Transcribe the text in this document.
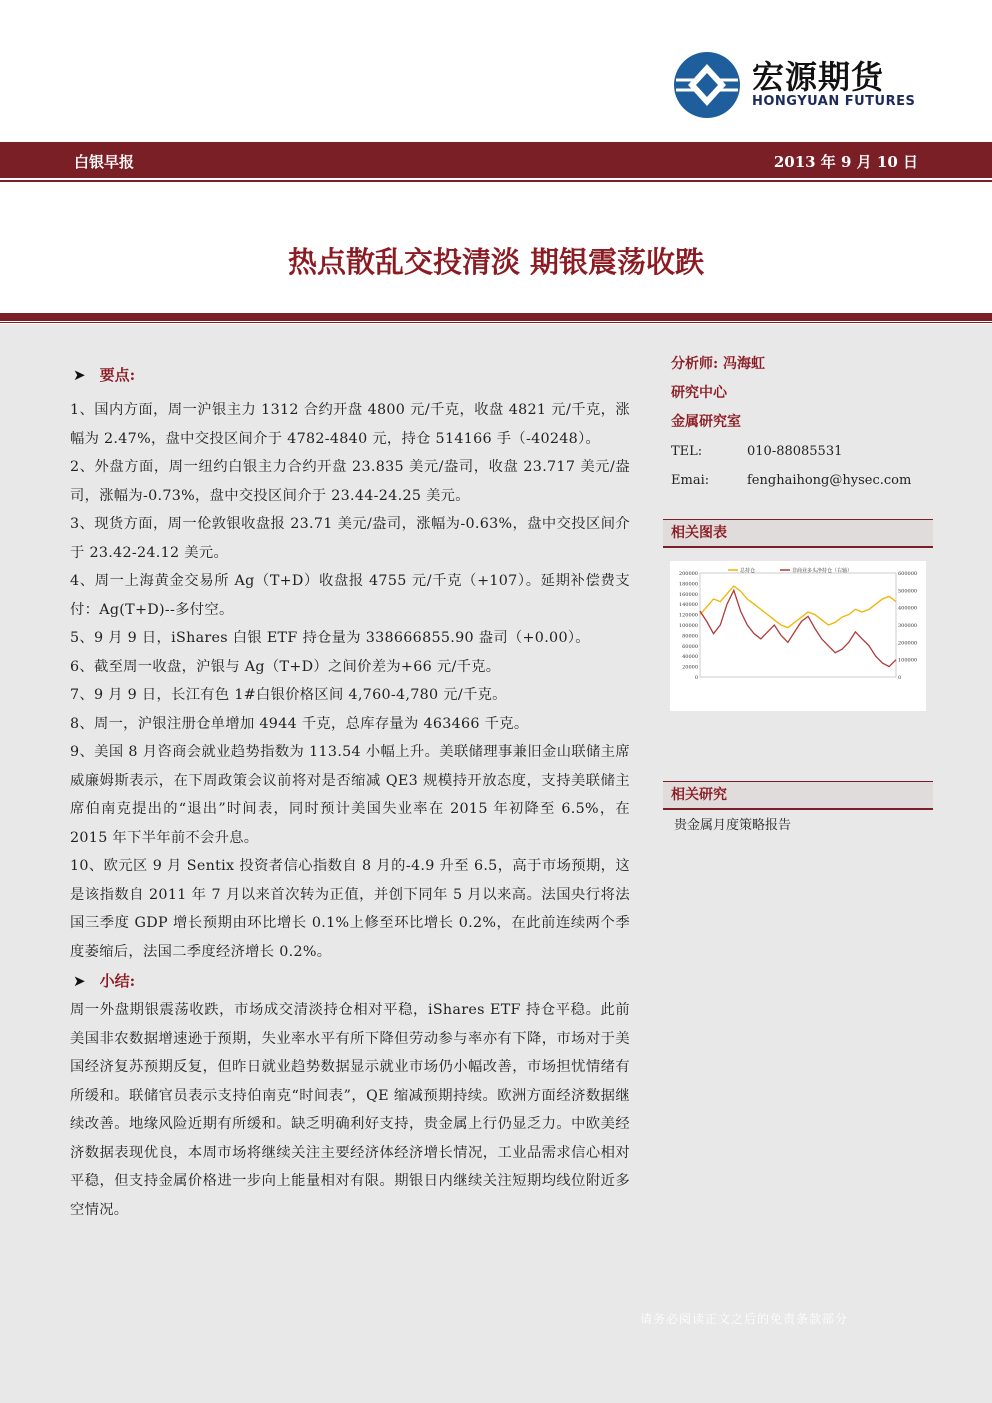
宏源期货
HONGYUAN FUTURES
白银早报	2013 年 9 月 10 日
热点散乱交投清淡 期银震荡收跌
➤ 要点:

1、国内方面，周一沪银主力 1312 合约开盘 4800 元/千克，收盘 4821 元/千克，涨幅为 2.47%，盘中交投区间介于 4782-4840 元，持仓 514166 手（-40248）。

2、外盘方面，周一纽约白银主力合约开盘 23.835 美元/盎司，收盘 23.717 美元/盎司，涨幅为-0.73%，盘中交投区间介于 23.44-24.25 美元。

3、现货方面，周一伦敦银收盘报 23.71 美元/盎司，涨幅为-0.63%，盘中交投区间介于 23.42-24.12 美元。

4、周一上海黄金交易所 Ag（T+D）收盘报 4755 元/千克（+107）。延期补偿费支付：Ag(T+D)--多付空。

5、9 月 9 日，iShares 白银 ETF 持仓量为 338666855.90 盎司（+0.00）。

6、截至周一收盘，沪银与 Ag（T+D）之间价差为+66 元/千克。

7、9 月 9 日，长江有色 1#白银价格区间 4,760-4,780 元/千克。

8、周一，沪银注册仓单增加 4944 千克，总库存量为 463466 千克。

9、美国 8 月咨商会就业趋势指数为 113.54 小幅上升。美联储理事兼旧金山联储主席威廉姆斯表示，在下周政策会议前将对是否缩减 QE3 规模持开放态度，支持美联储主席伯南克提出的“退出”时间表，同时预计美国失业率在 2015 年初降至 6.5%，在 2015 年下半年前不会升息。

10、欧元区 9 月 Sentix 投资者信心指数自 8 月的-4.9 升至 6.5，高于市场预期，这是该指数自 2011 年 7 月以来首次转为正值，并创下同年 5 月以来高。法国央行将法国三季度 GDP 增长预期由环比增长 0.1%上修至环比增长 0.2%，在此前连续两个季度萎缩后，法国二季度经济增长 0.2%。

➤ 小结:

周一外盘期银震荡收跌，市场成交清淡持仓相对平稳，iShares ETF 持仓平稳。此前美国非农数据增速逊于预期，失业率水平有所下降但劳动参与率亦有下降，市场对于美国经济复苏预期反复，但昨日就业趋势数据显示就业市场仍小幅改善，市场担忧情绪有所缓和。联储官员表示支持伯南克“时间表”，QE 缩减预期持续。欧洲方面经济数据继续改善。地缘风险近期有所缓和。缺乏明确利好支持，贵金属上行仍显乏力。中欧美经济数据表现优良，本周市场将继续关注主要经济体经济增长情况，工业品需求信心相对平稳，但支持金属价格进一步向上能量相对有限。期银日内继续关注短期均线位附近多空情况。

分析师: 冯海虹
研究中心
金属研究室
TEL:	010-88085531
Emai:	fenghaihong@hysec.com
相关图表
200000
180000
160000
140000
120000
100000
80000
60000
40000
20000
0
600000
500000
400000
300000
200000
100000
0
总持仓	非商业多头净持仓（右轴）
相关研究
贵金属月度策略报告
请务必阅读正文之后的免责条款部分
